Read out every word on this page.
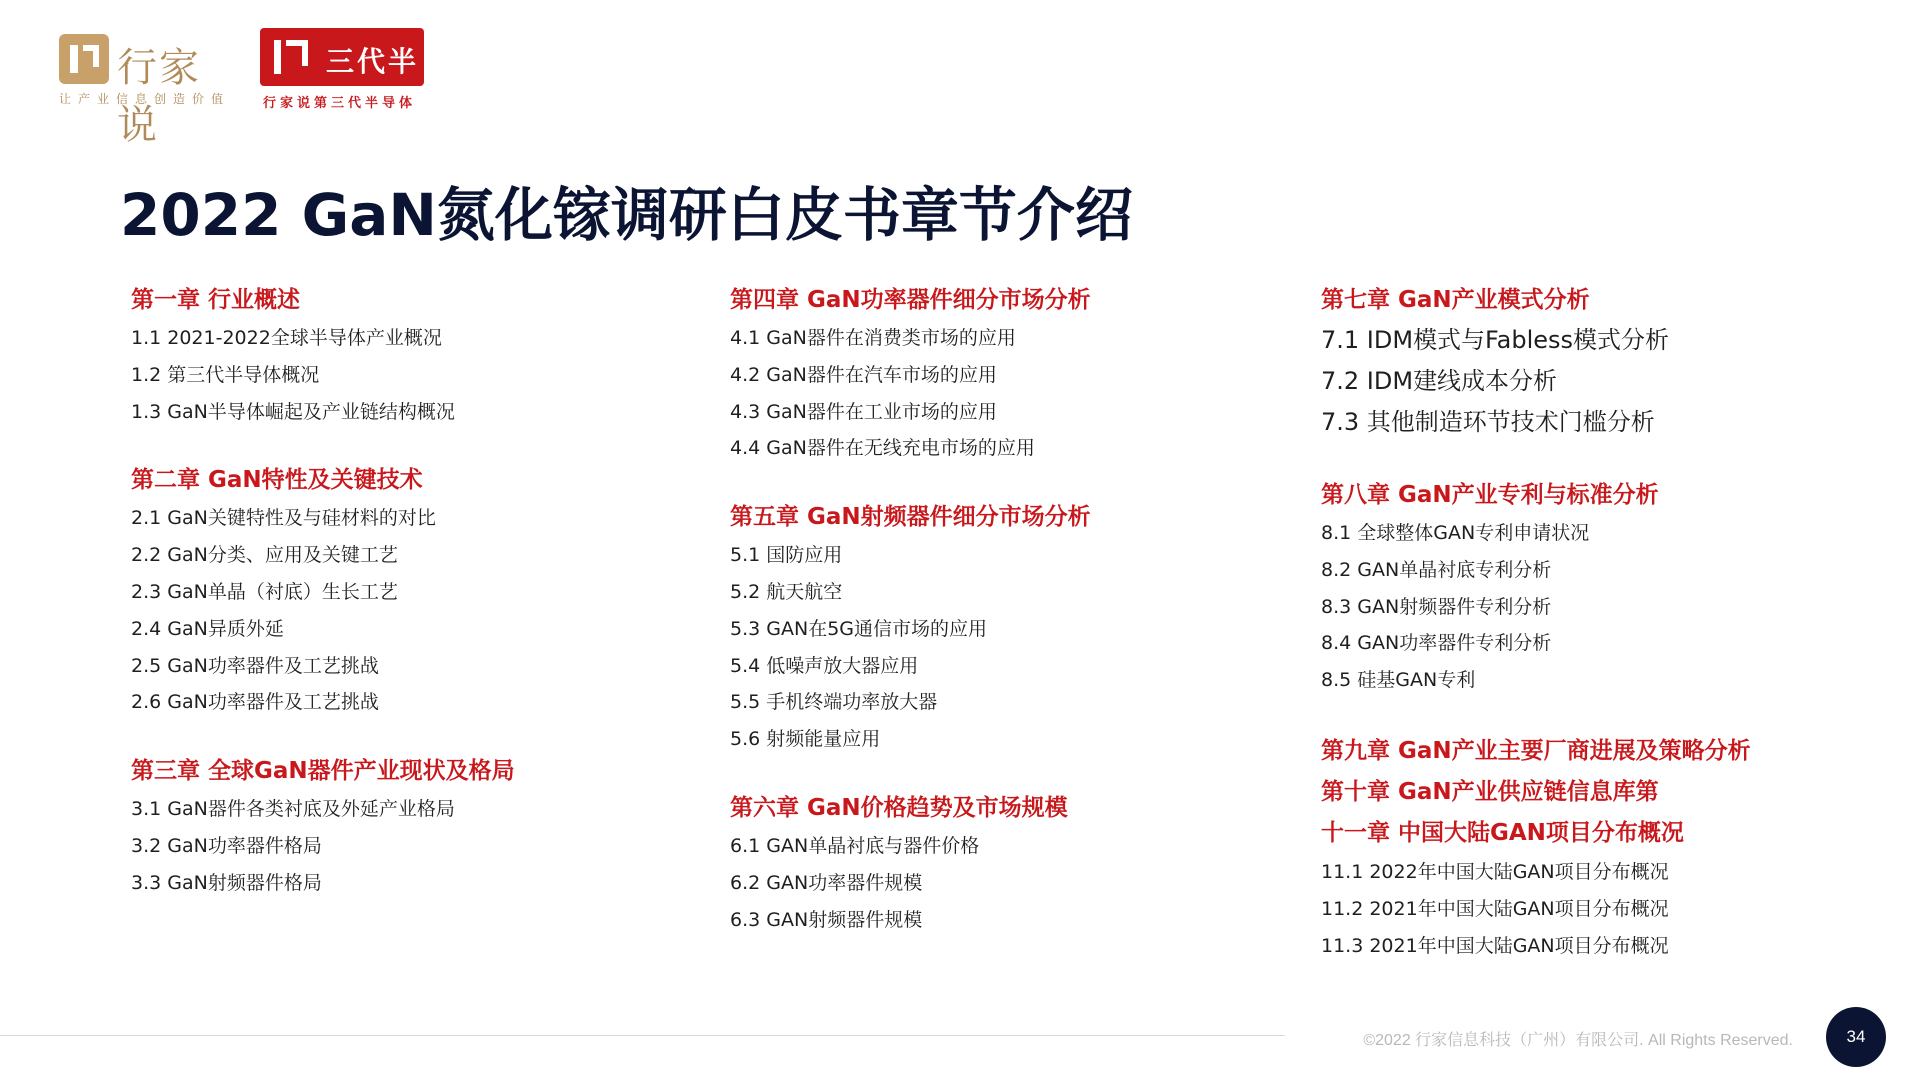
行家说
让产业信息创造价值
三代半
行家说第三代半导体
2022 GaN氮化镓调研白皮书章节介绍
第一章 行业概述
1.1 2021-2022全球半导体产业概况
1.2 第三代半导体概况
1.3 GaN半导体崛起及产业链结构概况
第二章 GaN特性及关键技术
2.1 GaN关键特性及与硅材料的对比
2.2 GaN分类、应用及关键工艺
2.3 GaN单晶（衬底）生长工艺
2.4 GaN异质外延
2.5 GaN功率器件及工艺挑战
2.6 GaN功率器件及工艺挑战
第三章 全球GaN器件产业现状及格局
3.1 GaN器件各类衬底及外延产业格局
3.2 GaN功率器件格局
3.3 GaN射频器件格局
第四章 GaN功率器件细分市场分析
4.1 GaN器件在消费类市场的应用
4.2 GaN器件在汽车市场的应用
4.3 GaN器件在工业市场的应用
4.4 GaN器件在无线充电市场的应用
第五章 GaN射频器件细分市场分析
5.1 国防应用
5.2 航天航空
5.3 GAN在5G通信市场的应用
5.4 低噪声放大器应用
5.5 手机终端功率放大器
5.6 射频能量应用
第六章 GaN价格趋势及市场规模
6.1 GAN单晶衬底与器件价格
6.2 GAN功率器件规模
6.3 GAN射频器件规模
第七章 GaN产业模式分析
7.1 IDM模式与Fabless模式分析
7.2 IDM建线成本分析
7.3 其他制造环节技术门槛分析
第八章 GaN产业专利与标准分析
8.1 全球整体GAN专利申请状况
8.2 GAN单晶衬底专利分析
8.3 GAN射频器件专利分析
8.4 GAN功率器件专利分析
8.5 硅基GAN专利
第九章 GaN产业主要厂商进展及策略分析
第十章 GaN产业供应链信息库第
十一章 中国大陆GAN项目分布概况
11.1 2022年中国大陆GAN项目分布概况
11.2 2021年中国大陆GAN项目分布概况
11.3 2021年中国大陆GAN项目分布概况
©2022 行家信息科技（广州）有限公司. All Rights Reserved.	34
